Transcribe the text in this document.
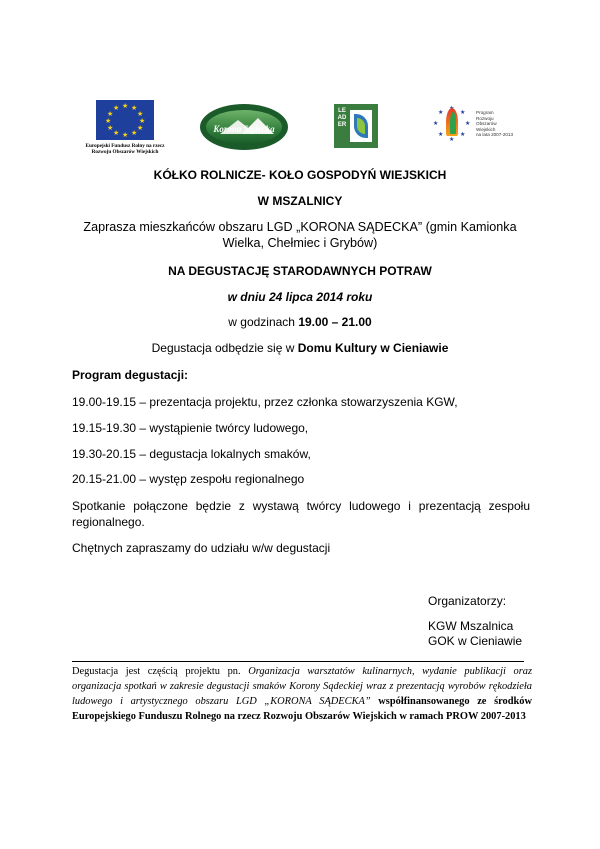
★ ★
★
★
★
★
★
★
★
★
★
★
Europejski Fundusz Rolny na rzecz
Rozwoju Obszarów Wiejskich
Korona Sądecka
LEADER
★
★
★
★
★
★
★	Program
Rozwoju
Obszarów
Wiejskich
na lata 2007-2013
KÓŁKO ROLNICZE- KOŁO GOSPODYŃ WIEJSKICH
W MSZALNICY
Zaprasza mieszkańców obszaru LGD „KORONA SĄDECKA” (gmin Kamionka
Wielka, Chełmiec i Grybów)
NA DEGUSTACJĘ STARODAWNYCH POTRAW
w dniu 24 lipca 2014 roku
w godzinach 19.00 – 21.00
Degustacja odbędzie się w Domu Kultury w Cieniawie
Program degustacji:
19.00-19.15 – prezentacja projektu, przez członka stowarzyszenia KGW,
19.15-19.30 – wystąpienie twórcy ludowego,
19.30-20.15 – degustacja lokalnych smaków,
20.15-21.00 – występ zespołu regionalnego
Spotkanie połączone będzie z wystawą twórcy ludowego i prezentacją zespołu regionalnego.
Chętnych zapraszamy do udziału w/w degustacji
Organizatorzy:
KGW Mszalnica
GOK w Cieniawie
Degustacja jest częścią projektu pn. Organizacja warsztatów kulinarnych, wydanie publikacji oraz organizacja spotkań w zakresie degustacji smaków Korony Sądeckiej wraz z prezentacją wyrobów rękodzieła ludowego i artystycznego obszaru LGD „KORONA SĄDECKA” współfinansowanego ze środków Europejskiego Funduszu Rolnego na rzecz Rozwoju Obszarów Wiejskich w ramach PROW 2007-2013
